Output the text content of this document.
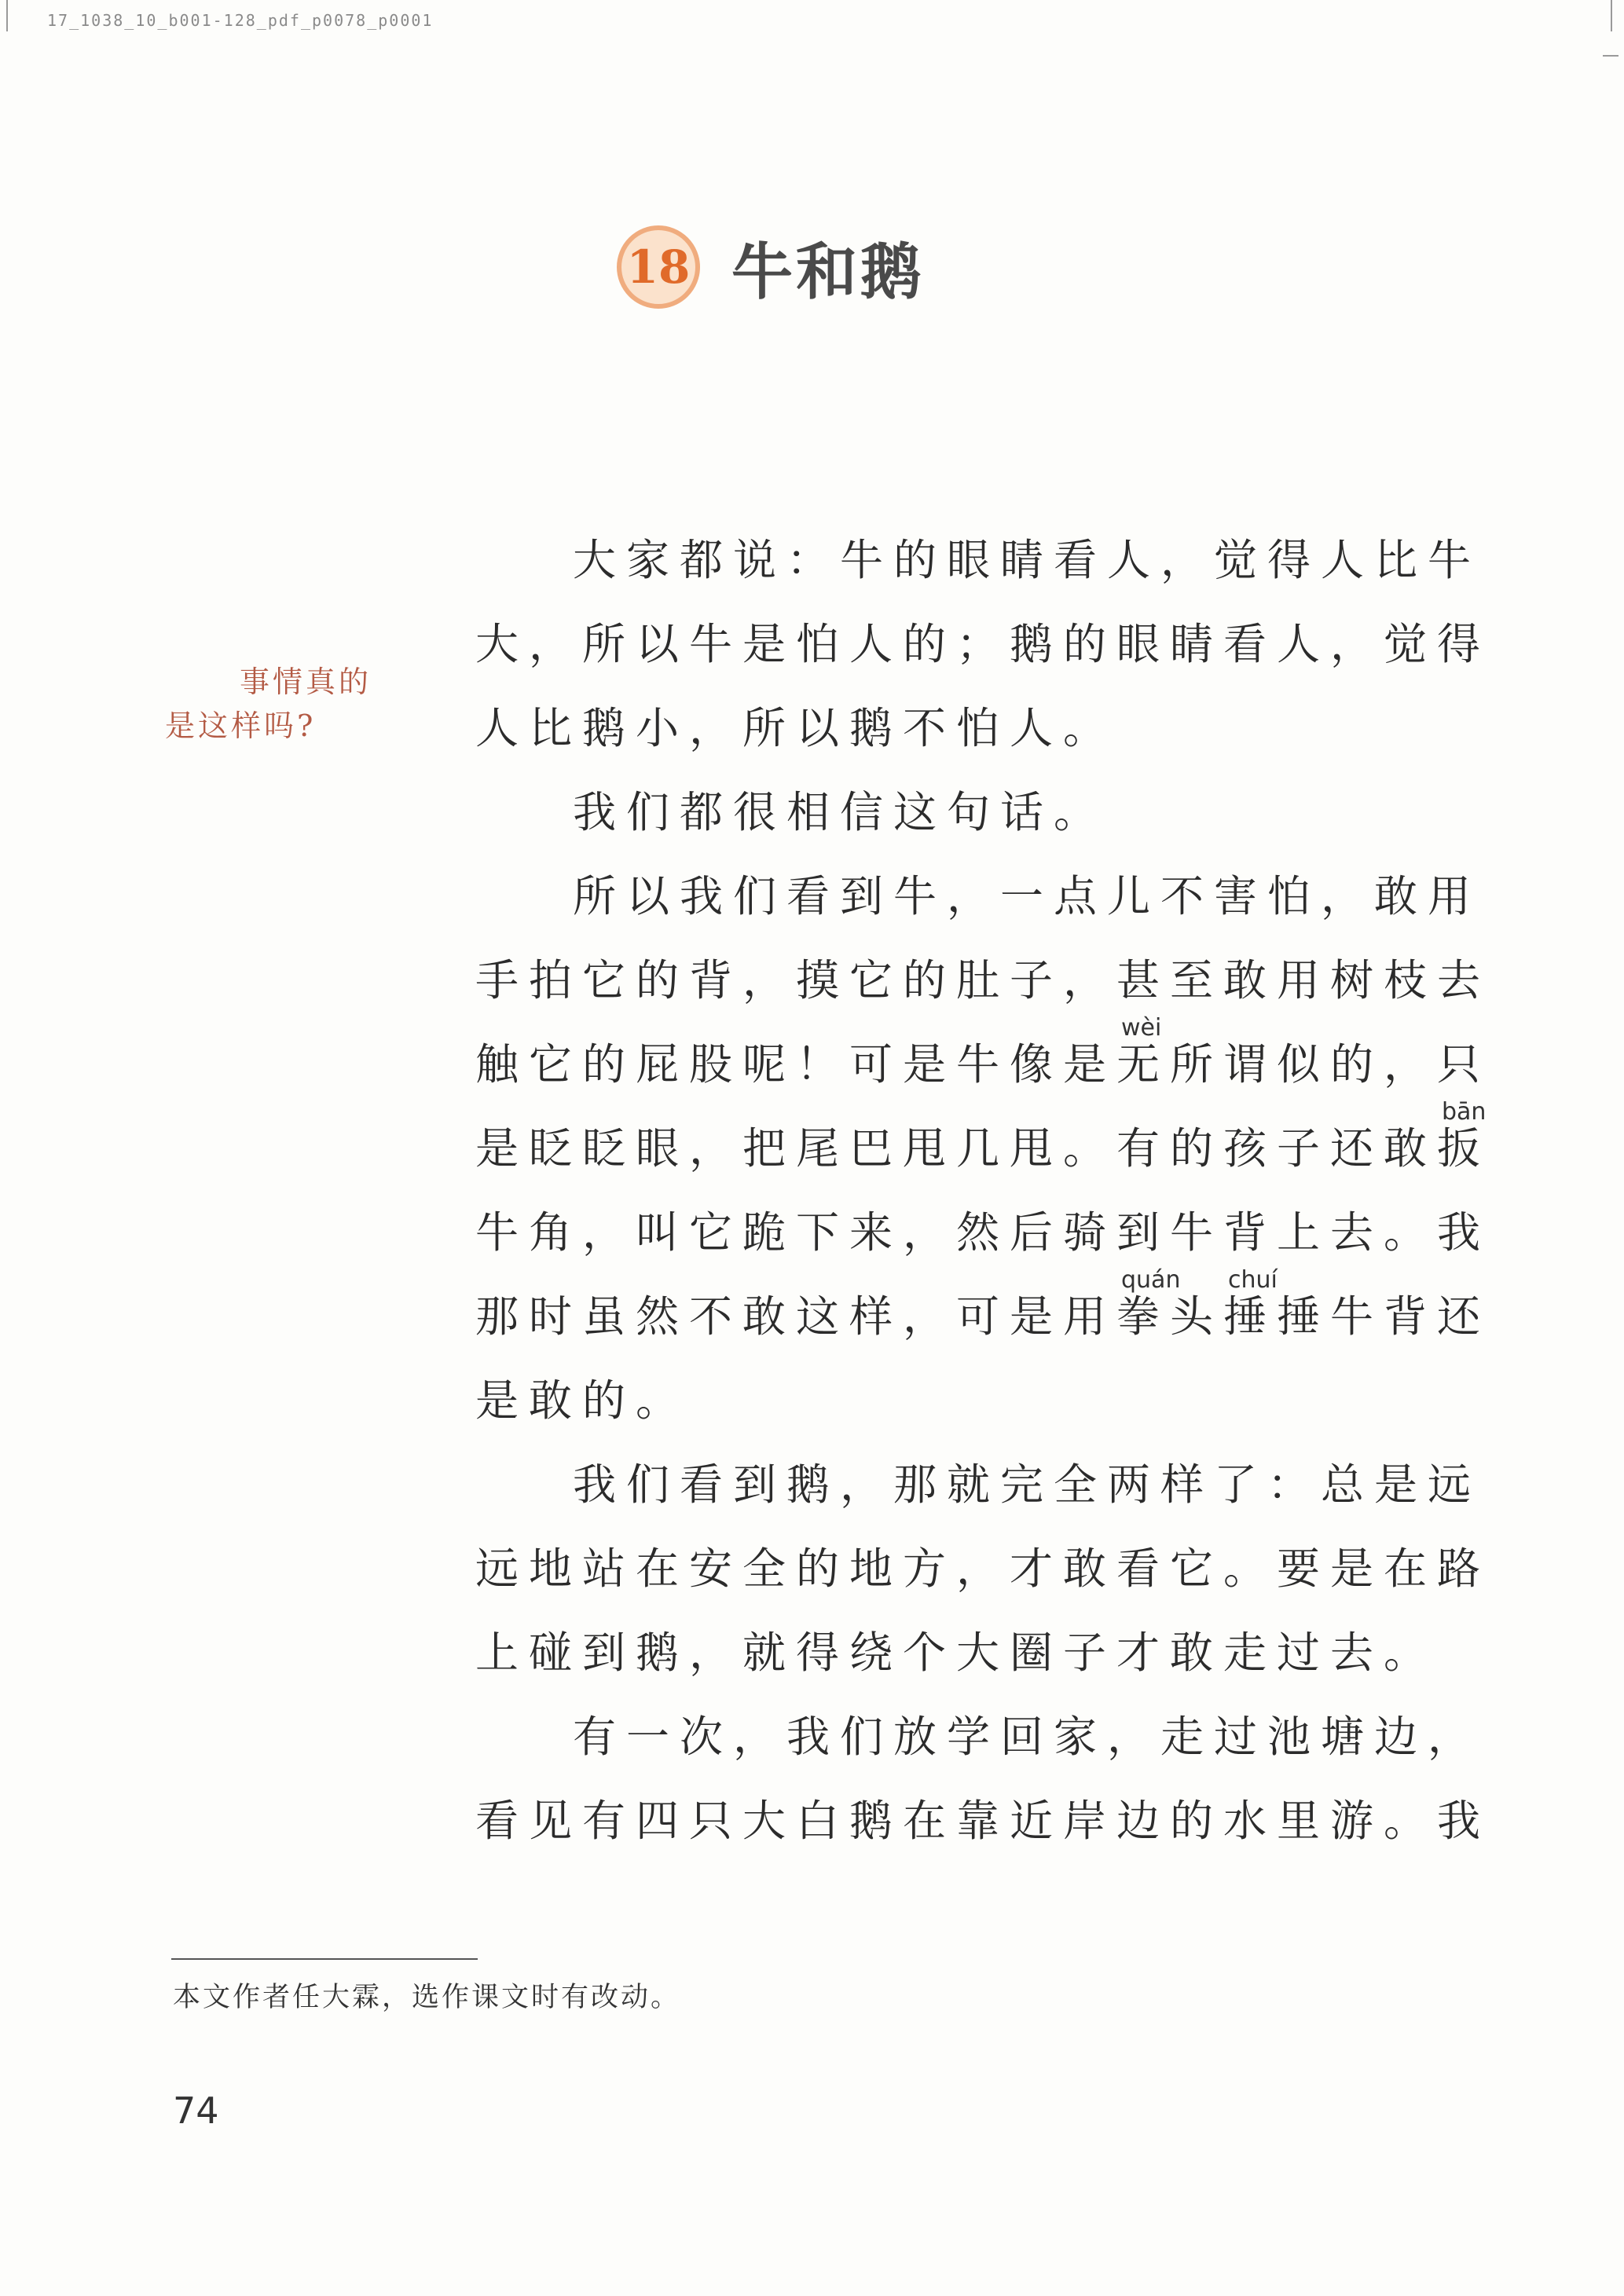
17_1038_10_b001-128_pdf_p0078_p0001
18 牛和鹅
事情真的
是这样吗?
大家都说：牛的眼睛看人，觉得人比牛
大，所以牛是怕人的；鹅的眼睛看人，觉得
人比鹅小，所以鹅不怕人。
我们都很相信这句话。
所以我们看到牛，一点儿不害怕，敢用
手拍它的背，摸它的肚子，甚至敢用树枝去
触它的屁股呢！可是牛像是无所谓似的，只
wèi
是眨眨眼，把尾巴甩几甩。有的孩子还敢扳
bān
牛角，叫它跪下来，然后骑到牛背上去。我
那时虽然不敢这样，可是用拳头捶捶牛背还
quán chuí
是敢的。
我们看到鹅，那就完全两样了：总是远
远地站在安全的地方，才敢看它。要是在路
上碰到鹅，就得绕个大圈子才敢走过去。
有一次，我们放学回家，走过池塘边，
看见有四只大白鹅在靠近岸边的水里游。我
本文作者任大霖，选作课文时有改动。
74
